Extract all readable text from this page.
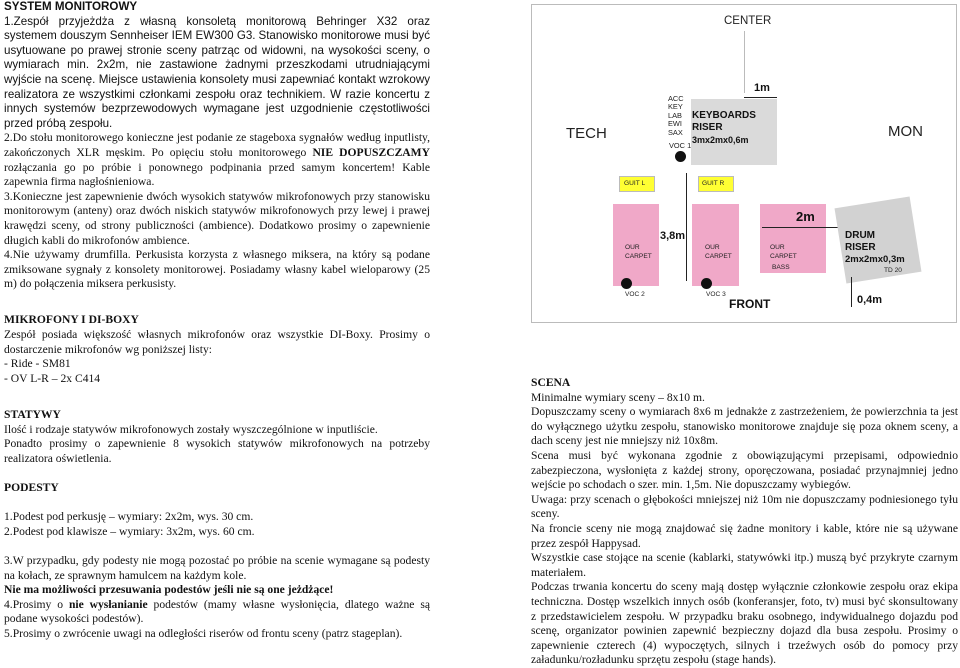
SYSTEM MONITOROWY

1.Zespół przyjeżdża z własną konsoletą monitorową Behringer X32 oraz systemem douszym Sennheiser IEM EW300 G3. Stanowisko monitorowe musi być usytuowane po prawej stronie sceny patrząc od widowni, na wysokości sceny, o wymiarach min. 2x2m, nie zastawione żadnymi przeszkodami utrudniającymi wyjście na scenę. Miejsce ustawienia konsolety musi zapewniać kontakt wzrokowy realizatora ze wszystkimi członkami zespołu oraz technikiem. W razie koncertu z innych systemów bezprzewodowych wymagane jest uzgodnienie częstotliwości przed próbą zespołu.

2.Do stołu monitorowego konieczne jest podanie ze stageboxa sygnałów według inputlisty, zakończonych XLR męskim. Po opięciu stołu monitorowego NIE DOPUSZCZAMY rozłączania go po próbie i ponownego podpinania przed samym koncertem! Kable zapewnia firma nagłośnieniowa.

3.Konieczne jest zapewnienie dwóch wysokich statywów mikrofonowych przy stanowisku monitorowym (anteny) oraz dwóch niskich statywów mikrofonowych przy lewej i prawej krawędzi sceny, od strony publiczności (ambience). Dodatkowo prosimy o zapewnienie długich kabli do mikrofonów ambience.

4.Nie używamy drumfilla. Perkusista korzysta z własnego miksera, na który są podane zmiksowane sygnały z konsolety monitorowej. Posiadamy własny kabel wieloparowy (25 m) do połączenia miksera perkusisty.

MIKROFONY I DI-BOXY

Zespół posiada większość własnych mikrofonów oraz wszystkie DI-Boxy. Prosimy o dostarczenie mikrofonów wg poniższej listy:

- Ride - SM81
- OV L-R – 2x C414
STATYWY

Ilość i rodzaje statywów mikrofonowych zostały wyszczególnione w inputliście.

Ponadto prosimy o zapewnienie 8 wysokich statywów mikrofonowych na potrzeby realizatora oświetlenia.

PODESTY
1.Podest pod perkusję – wymiary: 2x2m, wys. 30 cm.
2.Podest pod klawisze – wymiary: 3x2m, wys. 60 cm.

3.W przypadku, gdy podesty nie mogą pozostać po próbie na scenie wymagane są podesty na kołach, ze sprawnym hamulcem na każdym kole.

Nie ma możliwości przesuwania podestów jeśli nie są one jeżdżące!

4.Prosimy o nie wysłanianie podestów (mamy własne wysłonięcia, dlatego ważne są podane wysokości podestów).

5.Prosimy o zwrócenie uwagi na odległości riserów od frontu sceny (patrz stageplan).
CENTER
TECH	MON
KEYBOARDS
RISER
3mx2mx0,6m
ACC
KEY
LAB
EWI
SAX
VOC 1
1m
GUIT L	GUIT R
OUR
CARPET
OUR
CARPET
OUR
CARPET
BASS
3,8m
2m
DRUM
RISER
2mx2mx0,3m
TD 20
0,4m
VOC 2	VOC 3
FRONT
SCENA

Minimalne wymiary sceny – 8x10 m.

Dopuszczamy sceny o wymiarach 8x6 m jednakże z zastrzeżeniem, że powierzchnia ta jest do wyłącznego użytku zespołu, stanowisko monitorowe znajduje się poza oknem sceny, a dach sceny jest nie mniejszy niż 10x8m.

Scena musi być wykonana zgodnie z obowiązującymi przepisami, odpowiednio zabezpieczona, wysłonięta z każdej strony, oporęczowana, posiadać przynajmniej jedno wejście po schodach o szer. min. 1,5m. Nie dopuszczamy wybiegów.

Uwaga: przy scenach o głębokości mniejszej niż 10m nie dopuszczamy podniesionego tyłu sceny.

Na froncie sceny nie mogą znajdować się żadne monitory i kable, które nie są używane przez zespół Happysad.

Wszystkie case stojące na scenie (kablarki, statywówki itp.) muszą być przykryte czarnym materiałem.

Podczas trwania koncertu do sceny mają dostęp wyłącznie członkowie zespołu oraz ekipa techniczna. Dostęp wszelkich innych osób (konferansjer, foto, tv) musi być skonsultowany z przedstawicielem zespołu. W przypadku braku osobnego, indywidualnego dojazdu pod scenę, organizator powinien zapewnić bezpieczny dojazd dla busa zespołu. Prosimy o zapewnienie czterech (4) wypoczętych, silnych i trzeźwych osób do pomocy przy załadunku/rozładunku sprzętu zespołu (stage hands).
